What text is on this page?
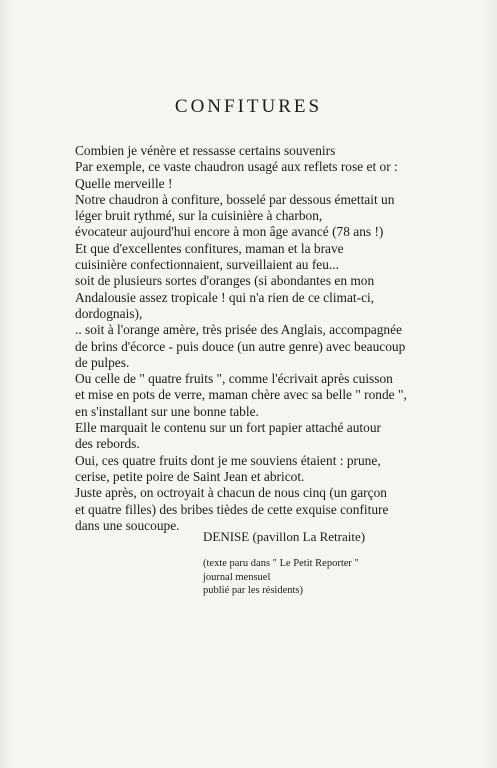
CONFITURES
Combien je vénère et ressasse certains souvenirs
Par exemple, ce vaste chaudron usagé aux reflets rose et or :
Quelle merveille !
Notre chaudron à confiture, bosselé par dessous émettait un
léger bruit rythmé, sur la cuisinière à charbon,
évocateur aujourd'hui encore à mon âge avancé (78 ans !)
Et que d'excellentes confitures, maman et la brave
cuisinière confectionnaient, surveillaient au feu...
soit de plusieurs sortes d'oranges (si abondantes en mon
Andalousie assez tropicale ! qui n'a rien de ce climat-ci,
dordognais),
.. soit à l'orange amère, très prisée des Anglais, accompagnée
de brins d'écorce - puis douce (un autre genre) avec beaucoup
de pulpes.
Ou celle de " quatre fruits ", comme l'écrivait après cuisson
et mise en pots de verre, maman chère avec sa belle " ronde ",
en s'installant sur une bonne table.
Elle marquait le contenu sur un fort papier attaché autour
des rebords.
Oui, ces quatre fruits dont je me souviens étaient : prune,
cerise, petite poire de Saint Jean et abricot.
Juste après, on octroyait à chacun de nous cinq (un garçon
et quatre filles) des bribes tièdes de cette exquise confiture
dans une soucoupe.
DENISE (pavillon La Retraite)
(texte paru dans " Le Petit Reporter "
journal mensuel
publié par les résidents)
